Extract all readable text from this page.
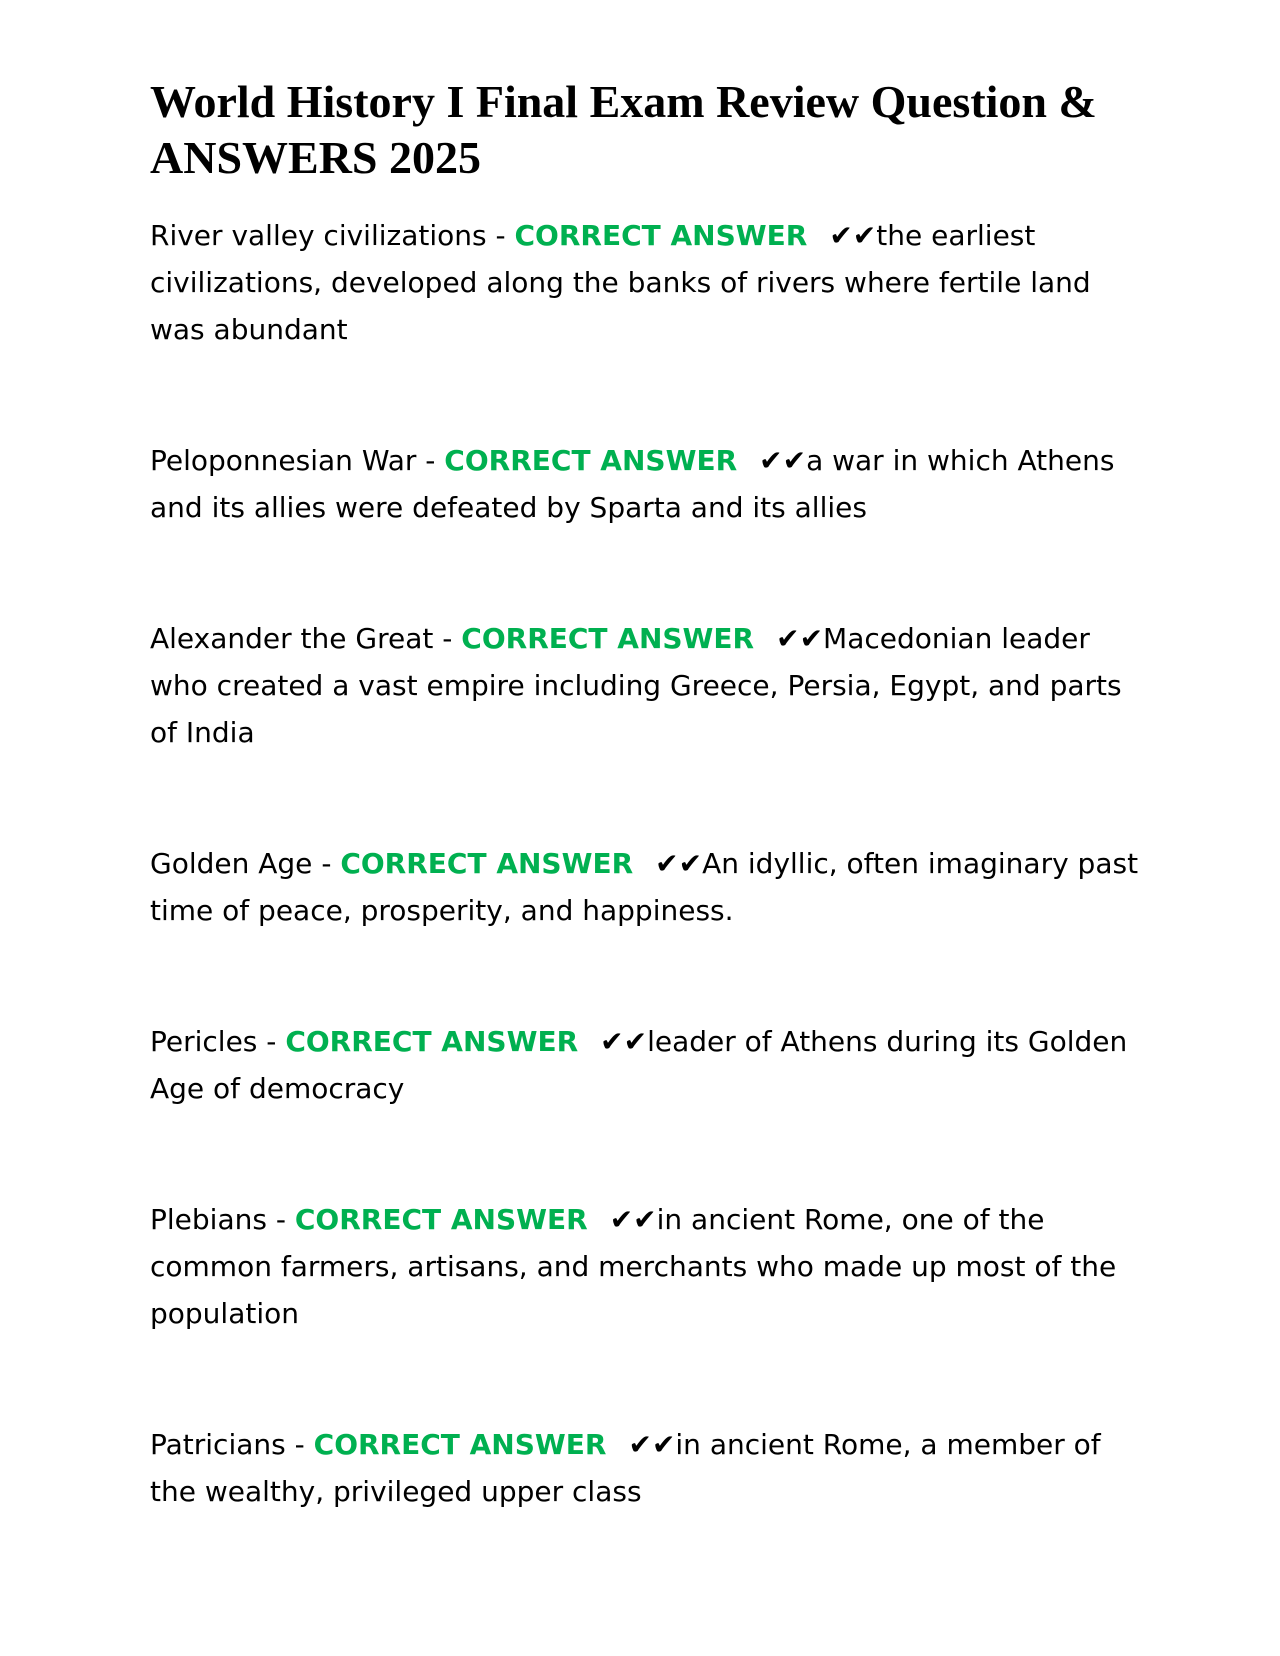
World History I Final Exam Review Question & ANSWERS 2025

River valley civilizations - CORRECT ANSWER ✔✔the earliest civilizations, developed along the banks of rivers where fertile land was abundant

Peloponnesian War - CORRECT ANSWER ✔✔a war in which Athens and its allies were defeated by Sparta and its allies

Alexander the Great - CORRECT ANSWER ✔✔Macedonian leader who created a vast empire including Greece, Persia, Egypt, and parts of India

Golden Age - CORRECT ANSWER ✔✔An idyllic, often imaginary past time of peace, prosperity, and happiness.

Pericles - CORRECT ANSWER ✔✔leader of Athens during its Golden Age of democracy

Plebians - CORRECT ANSWER ✔✔in ancient Rome, one of the common farmers, artisans, and merchants who made up most of the population

Patricians - CORRECT ANSWER ✔✔in ancient Rome, a member of the wealthy, privileged upper class
